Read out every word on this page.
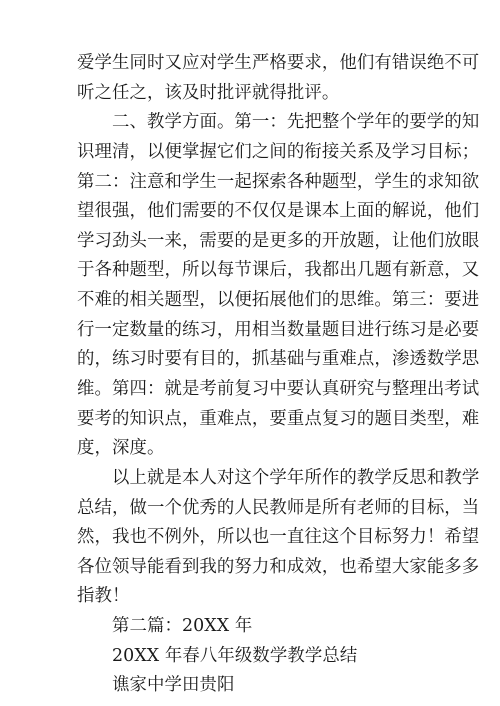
爱学生同时又应对学生严格要求，他们有错误绝不可
听之任之，该及时批评就得批评。
二、教学方面。第一：先把整个学年的要学的知
识理清，以便掌握它们之间的衔接关系及学习目标；
第二：注意和学生一起探索各种题型，学生的求知欲
望很强，他们需要的不仅仅是课本上面的解说，他们
学习劲头一来，需要的是更多的开放题，让他们放眼
于各种题型，所以每节课后，我都出几题有新意，又
不难的相关题型，以便拓展他们的思维。第三：要进
行一定数量的练习，用相当数量题目进行练习是必要
的，练习时要有目的，抓基础与重难点，渗透数学思
维。第四：就是考前复习中要认真研究与整理出考试
要考的知识点，重难点，要重点复习的题目类型，难
度，深度。
以上就是本人对这个学年所作的教学反思和教学
总结，做一个优秀的人民教师是所有老师的目标，当
然，我也不例外，所以也一直往这个目标努力！希望
各位领导能看到我的努力和成效，也希望大家能多多
指教！
第二篇：20XX 年
20XX 年春八年级数学教学总结
谯家中学田贵阳
